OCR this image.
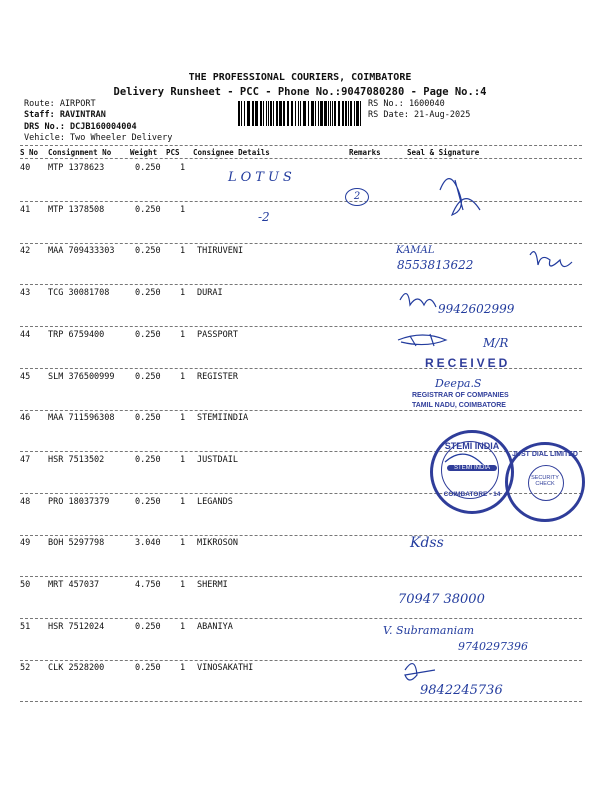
THE PROFESSIONAL COURIERS, COIMBATORE
Delivery Runsheet - PCC - Phone No.:9047080280 - Page No.:4
Route: AIRPORT
Staff: RAVINTRAN
DRS No.: DCJB160004004
Vehicle: Two Wheeler Delivery
RS No.: 1600040
RS Date: 21-Aug-2025
S No Consignment No	Weight PCS Consignee Details	Remarks	Seal & Signature
40 MTP 1378623	0.250 1
41 MTP 1378508	0.250 1
42 MAA 709433303 0.250 1 THIRUVENI
43 TCG 30081708	0.250 1 DURAI
44 TRP 6759400	0.250 1 PASSPORT
45 SLM 376500999 0.250 1 REGISTER
46 MAA 711596308 0.250 1 STEMIINDIA
47 HSR 7513502	0.250 1 JUSTDAIL
48 PRO 18037379	0.250 1 LEGANDS
49 BOH 5297798	3.040 1 MIKROSON
50 MRT 457037	4.750 1 SHERMI
51 HSR 7512024	0.250 1 ABANIYA
52 CLK 2528200	0.250 1 VINOSAKATHI

LOTUS
-2
2
KAMAL
8553813622
9942602999
M/R
Deepa.S
Kdss
70947 38000
V. Subramaniam
9740297396
9842245736
RECEIVED
REGISTRAR OF COMPANIES
TAMIL NADU, COIMBATORE
STEMI INDIA
STEMI INDIA
COIMBATORE - 14
JUST DIAL LIMITED
SECURITY CHECK
